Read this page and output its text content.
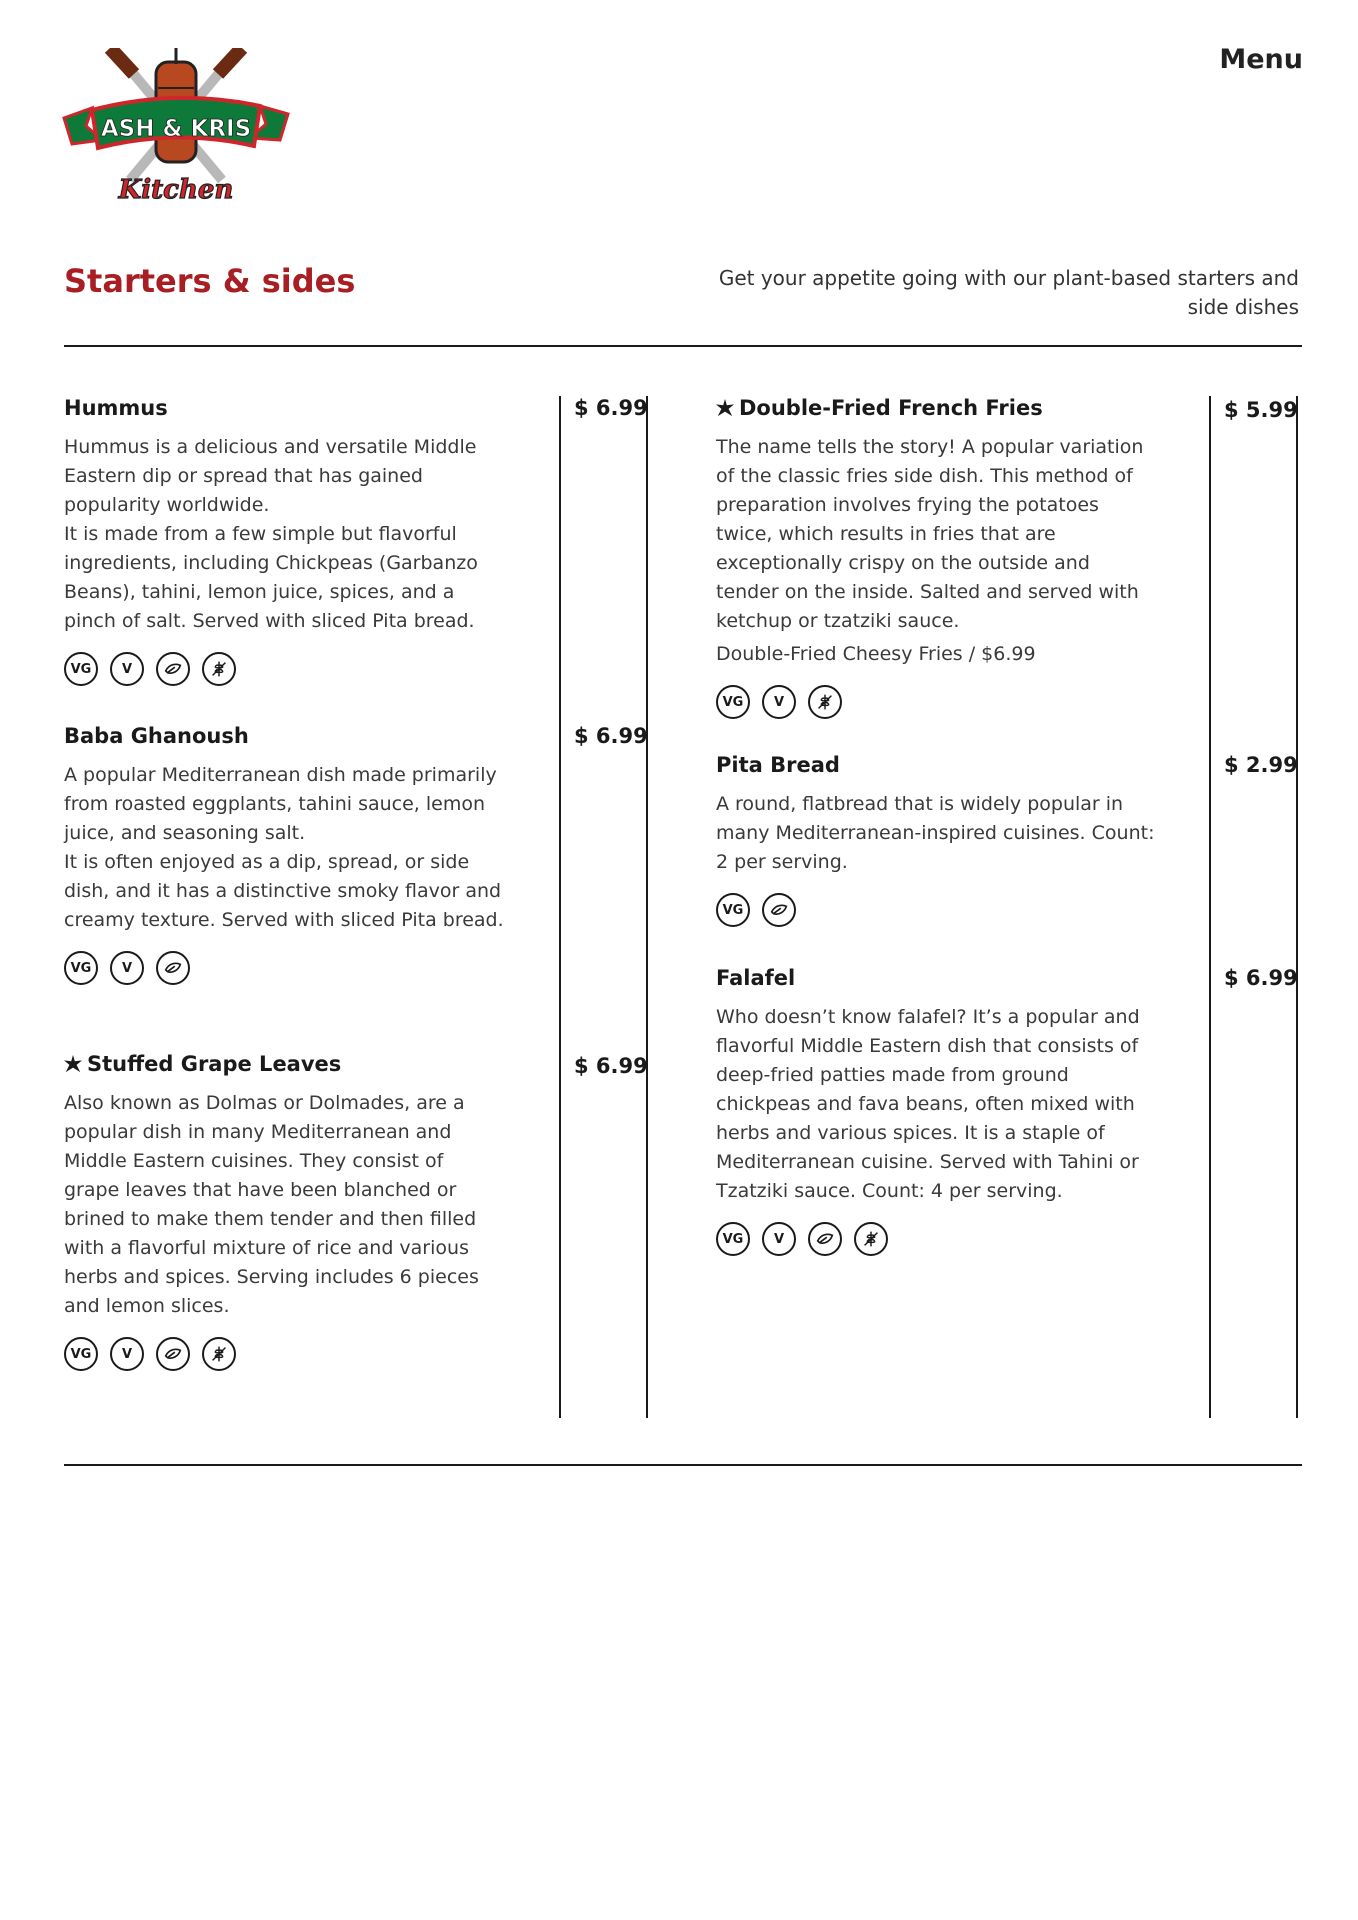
ASH & KRIS
Kitchen
Menu
Starters & sides	Get your appetite going with our plant-based starters and side dishes
Hummus	$ 6.99

Hummus is a delicious and versatile Middle Eastern dip or spread that has gained popularity worldwide.

It is made from a few simple but flavorful ingredients, including Chickpeas (Garbanzo Beans), tahini, lemon juice, spices, and a pinch of salt. Served with sliced Pita bread.

VG	V
Baba Ghanoush	$ 6.99

A popular Mediterranean dish made primarily from roasted eggplants, tahini sauce, lemon juice, and seasoning salt.

It is often enjoyed as a dip, spread, or side dish, and it has a distinctive smoky flavor and creamy texture. Served with sliced Pita bread.

VG	V
Stuffed Grape Leaves	$ 6.99

Also known as Dolmas or Dolmades, are a popular dish in many Mediterranean and Middle Eastern cuisines. They consist of grape leaves that have been blanched or brined to make them tender and then filled with a flavorful mixture of rice and various herbs and spices. Serving includes 6 pieces and lemon slices.

VG	V
Double-Fried French Fries	$ 5.99

The name tells the story! A popular variation of the classic fries side dish. This method of preparation involves frying the potatoes twice, which results in fries that are exceptionally crispy on the outside and tender on the inside. Salted and served with ketchup or tzatziki sauce.

Double-Fried Cheesy Fries / $6.99
VG	V
Pita Bread	$ 2.99

A round, flatbread that is widely popular in many Mediterranean-inspired cuisines. Count: 2 per serving.

VG
Falafel	$ 6.99

Who doesn’t know falafel? It’s a popular and flavorful Middle Eastern dish that consists of deep-fried patties made from ground chickpeas and fava beans, often mixed with herbs and various spices. It is a staple of Mediterranean cuisine. Served with Tahini or Tzatziki sauce. Count: 4 per serving.

VG	V
